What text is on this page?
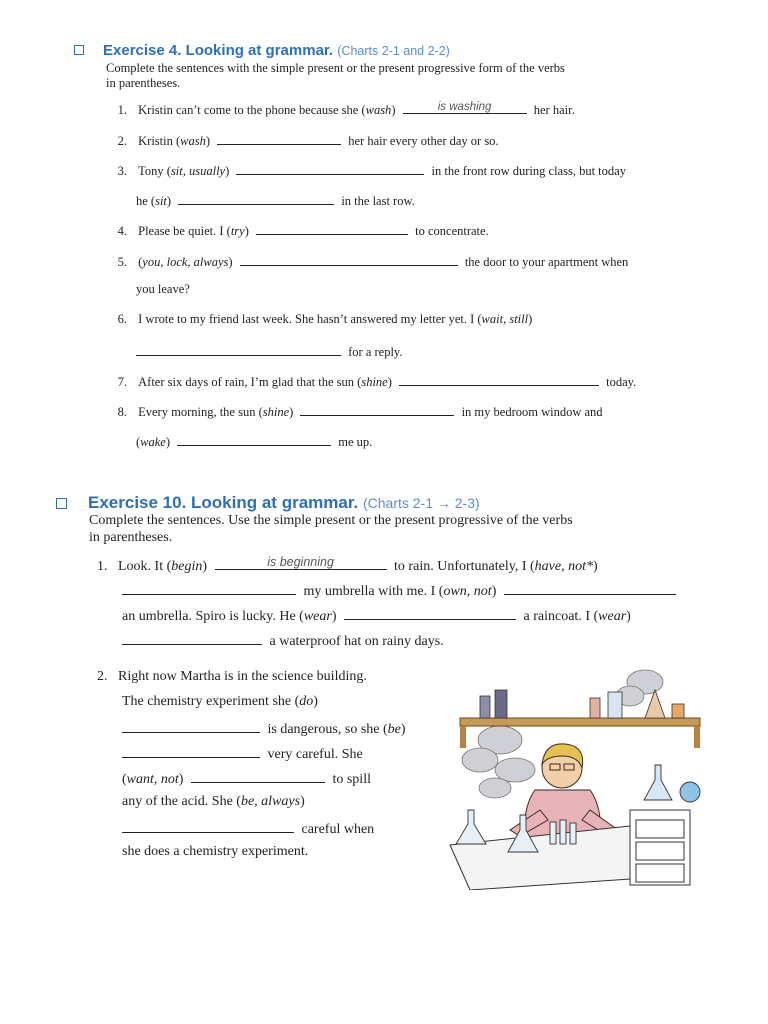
Exercise 4. Looking at grammar. (Charts 2-1 and 2-2)
Complete the sentences with the simple present or the present progressive form of the verbs
in parentheses.
1. Kristin can’t come to the phone because she (wash)	is washing	her hair.
2. Kristin (wash)	her hair every other day or so.
3. Tony (sit, usually)	in the front row during class, but today
he (sit)	in the last row.
4. Please be quiet. I (try)	to concentrate.
5. (you, lock, always)	the door to your apartment when
you leave?
6. I wrote to my friend last week. She hasn’t answered my letter yet. I (wait, still)
for a reply.
7. After six days of rain, I’m glad that the sun (shine)	today.
8. Every morning, the sun (shine)	in my bedroom window and
(wake)	me up.
Exercise 10. Looking at grammar. (Charts 2-1 → 2-3)
Complete the sentences. Use the simple present or the present progressive of the verbs
in parentheses.
1. Look. It (begin)	is beginning	to rain. Unfortunately, I (have, not*)
my umbrella with me. I (own, not)
an umbrella. Spiro is lucky. He (wear)	a raincoat. I (wear)
a waterproof hat on rainy days.
2. Right now Martha is in the science building.
The chemistry experiment she (do)
is dangerous, so she (be)
very careful. She
(want, not)	to spill
any of the acid. She (be, always)
careful when
she does a chemistry experiment.
